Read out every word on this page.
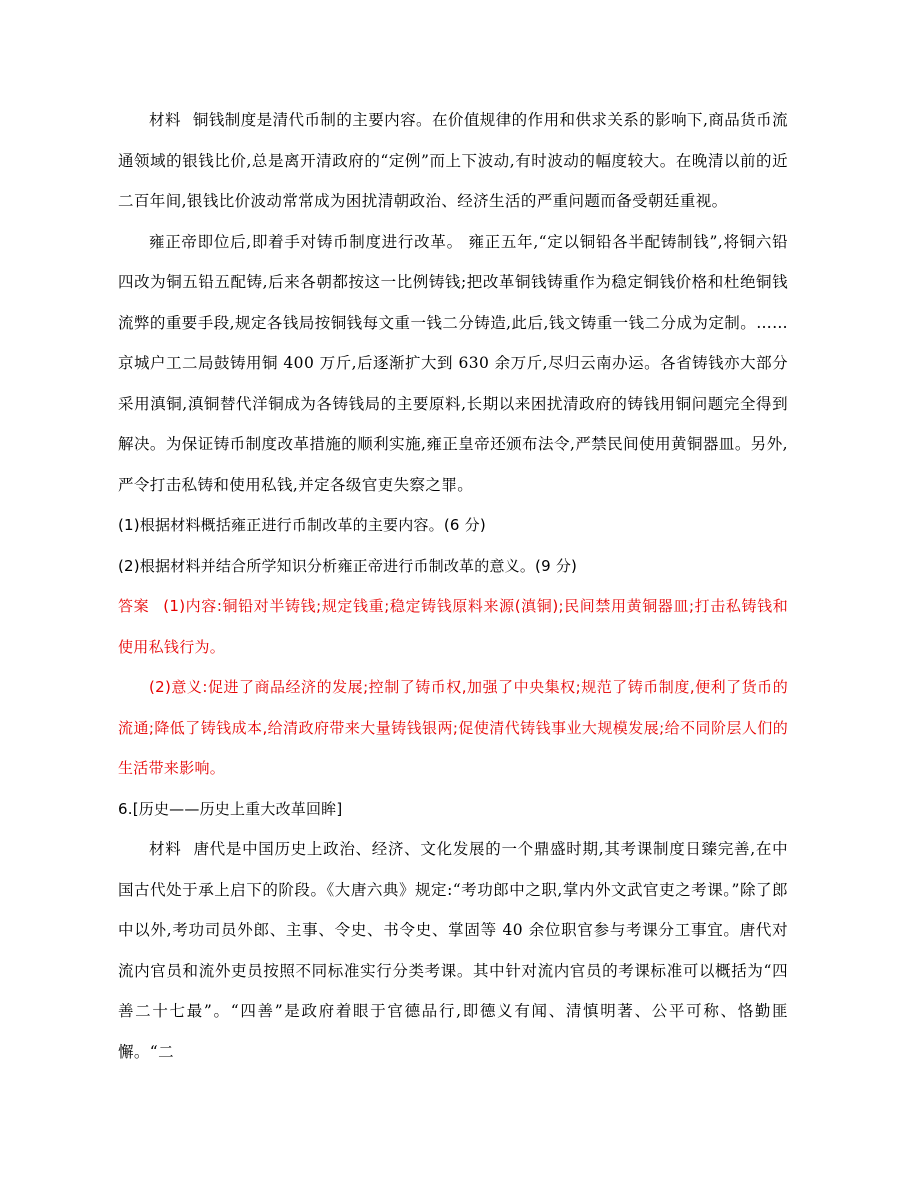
材料 铜钱制度是清代币制的主要内容。在价值规律的作用和供求关系的影响下,商品货币流通领域的银钱比价,总是离开清政府的“定例”而上下波动,有时波动的幅度较大。在晚清以前的近二百年间,银钱比价波动常常成为困扰清朝政治、经济生活的严重问题而备受朝廷重视。

雍正帝即位后,即着手对铸币制度进行改革。 雍正五年,“定以铜铅各半配铸制钱”,将铜六铅四改为铜五铅五配铸,后来各朝都按这一比例铸钱;把改革铜钱铸重作为稳定铜钱价格和杜绝铜钱流弊的重要手段,规定各钱局按铜钱每文重一钱二分铸造,此后,钱文铸重一钱二分成为定制。……京城户工二局鼓铸用铜 400 万斤,后逐渐扩大到 630 余万斤,尽归云南办运。各省铸钱亦大部分采用滇铜,滇铜替代洋铜成为各铸钱局的主要原料,长期以来困扰清政府的铸钱用铜问题完全得到解决。为保证铸币制度改革措施的顺利实施,雍正皇帝还颁布法令,严禁民间使用黄铜器皿。另外,严令打击私铸和使用私钱,并定各级官吏失察之罪。

(1)根据材料概括雍正进行币制改革的主要内容。(6 分)

(2)根据材料并结合所学知识分析雍正帝进行币制改革的意义。(9 分)

答案 (1)内容:铜铅对半铸钱;规定钱重;稳定铸钱原料来源(滇铜);民间禁用黄铜器皿;打击私铸钱和使用私钱行为。

(2)意义:促进了商品经济的发展;控制了铸币权,加强了中央集权;规范了铸币制度,便利了货币的流通;降低了铸钱成本,给清政府带来大量铸钱银两;促使清代铸钱事业大规模发展;给不同阶层人们的生活带来影响。

6.[历史——历史上重大改革回眸]

材料 唐代是中国历史上政治、经济、文化发展的一个鼎盛时期,其考课制度日臻完善,在中国古代处于承上启下的阶段。《大唐六典》规定:“考功郎中之职,掌内外文武官吏之考课。”除了郎中以外,考功司员外郎、主事、令史、书令史、掌固等 40 余位职官参与考课分工事宜。唐代对流内官员和流外吏员按照不同标准实行分类考课。其中针对流内官员的考课标准可以概括为“四善二十七最”。“四善”是政府着眼于官德品行,即德义有闻、清慎明著、公平可称、恪勤匪懈。“二
